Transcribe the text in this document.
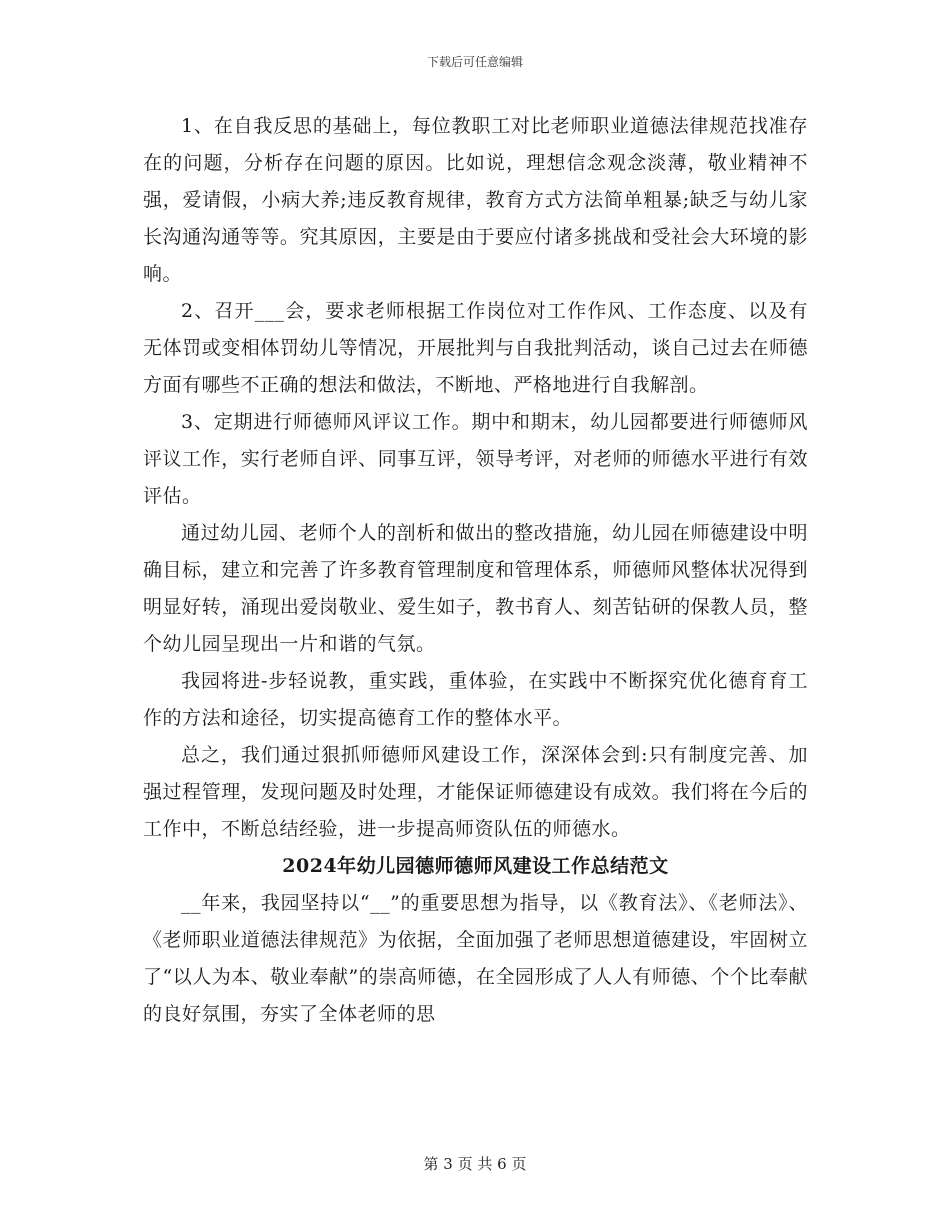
下载后可任意编辑

1、在自我反思的基础上，每位教职工对比老师职业道德法律规范找准存在的问题，分析存在问题的原因。比如说，理想信念观念淡薄，敬业精神不强，爱请假，小病大养;违反教育规律，教育方式方法简单粗暴;缺乏与幼儿家长沟通沟通等等。究其原因，主要是由于要应付诸多挑战和受社会大环境的影响。

2、召开___会，要求老师根据工作岗位对工作作风、工作态度、以及有无体罚或变相体罚幼儿等情况，开展批判与自我批判活动，谈自己过去在师德方面有哪些不正确的想法和做法，不断地、严格地进行自我解剖。

3、定期进行师德师风评议工作。期中和期末，幼儿园都要进行师德师风评议工作，实行老师自评、同事互评，领导考评，对老师的师德水平进行有效评估。

通过幼儿园、老师个人的剖析和做出的整改措施，幼儿园在师德建设中明确目标，建立和完善了许多教育管理制度和管理体系，师德师风整体状况得到明显好转，涌现出爱岗敬业、爱生如子，教书育人、刻苦钻研的保教人员，整个幼儿园呈现出一片和谐的气氛。

我园将进-步轻说教，重实践，重体验，在实践中不断探究优化德育育工作的方法和途径，切实提高德育工作的整体水平。

总之，我们通过狠抓师德师风建设工作，深深体会到:只有制度完善、加强过程管理，发现问题及时处理，才能保证师德建设有成效。我们将在今后的工作中，不断总结经验，进一步提高师资队伍的师德水。

2024年幼儿园德师德师风建设工作总结范文

__年来，我园坚持以“__”的重要思想为指导，以《教育法》、《老师法》、《老师职业道德法律规范》为依据，全面加强了老师思想道德建设，牢固树立了“以人为本、敬业奉献”的崇高师德，在全园形成了人人有师德、个个比奉献的良好氛围，夯实了全体老师的思

第 3 页 共 6 页
